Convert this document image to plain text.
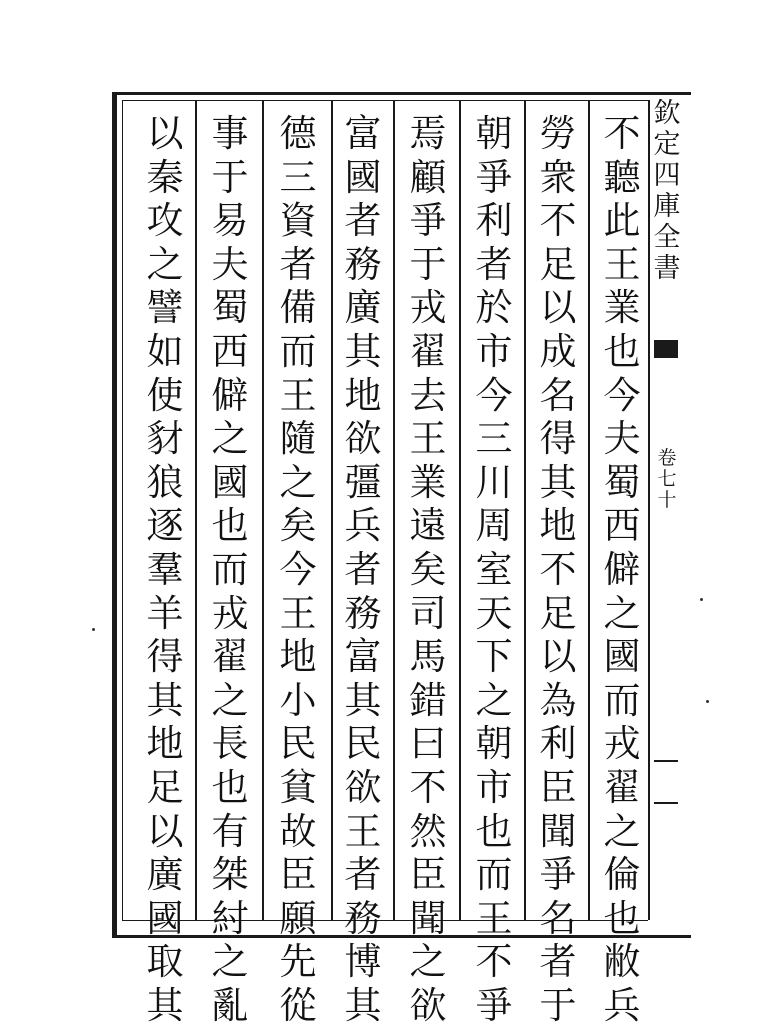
欽
定
四
庫
全
書
卷
七
十
不
聽
此
王
業
也
今
夫
蜀
西
僻
之
國
而
戎
翟
之
倫
也
敝
兵
勞
衆
不
足
以
成
名
得
其
地
不
足
以
為
利
臣
聞
爭
名
者
于
朝
爭
利
者
於
市
今
三
川
周
室
天
下
之
朝
市
也
而
王
不
爭
焉
顧
爭
于
戎
翟
去
王
業
遠
矣
司
馬
錯
曰
不
然
臣
聞
之
欲
富
國
者
務
廣
其
地
欲
彊
兵
者
務
富
其
民
欲
王
者
務
博
其
德
三
資
者
備
而
王
隨
之
矣
今
王
地
小
民
貧
故
臣
願
先
從
事
于
易
夫
蜀
西
僻
之
國
也
而
戎
翟
之
長
也
有
桀
紂
之
亂
以
秦
攻
之
譬
如
使
豺
狼
逐
羣
羊
得
其
地
足
以
廣
國
取
其
